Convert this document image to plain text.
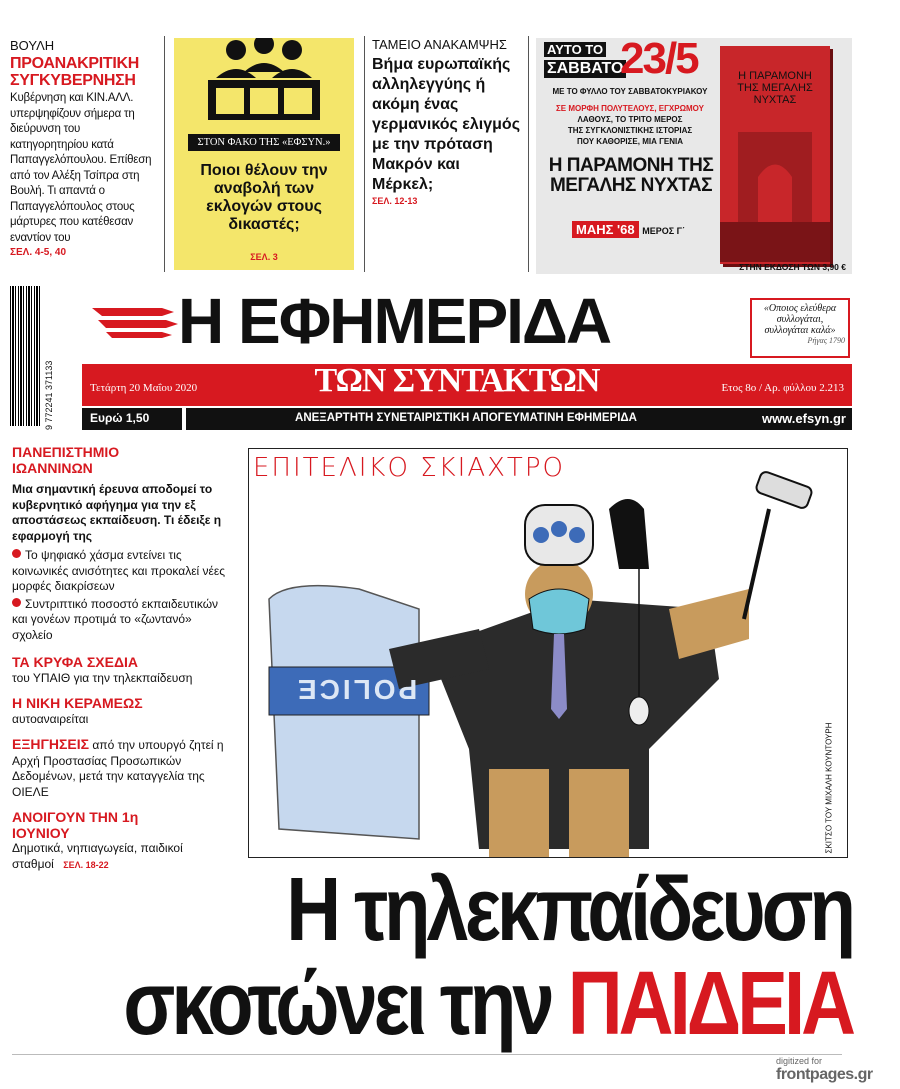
ΒΟΥΛΗ
ΠΡΟΑΝΑΚΡΙΤΙΚΗ ΣΥΓΚΥΒΕΡΝΗΣΗ
Κυβέρνηση και ΚΙΝ.ΑΛΛ. υπερψηφίζουν σήμερα τη διεύρυνση του κατηγορητηρίου κατά Παπαγγελόπουλου. Επίθεση από τον Αλέξη Τσίπρα στη Βουλή. Τι απαντά ο Παπαγγελόπουλος στους μάρτυρες που κατέθεσαν εναντίον του
ΣΕΛ. 4-5, 40
ΣΤΟΝ ΦΑΚΟ ΤΗΣ «ΕΦΣΥΝ.»
Ποιοι θέλουν την αναβολή των εκλογών στους δικαστές;
ΣΕΛ. 3
ΤΑΜΕΙΟ ΑΝΑΚΑΜΨΗΣ
Βήμα ευρωπαϊκής αλληλεγγύης ή ακόμη ένας γερμανικός ελιγμός με την πρόταση Μακρόν και Μέρκελ;
ΣΕΛ. 12-13
ΑΥΤΟ ΤΟ
ΣΑΒΒΑΤΟ
23/5
ΜΕ ΤΟ ΦΥΛΛΟ ΤΟΥ ΣΑΒΒΑΤΟΚΥΡΙΑΚΟΥ
ΣΕ ΜΟΡΦΗ ΠΟΛΥΤΕΛΟΥΣ, ΕΓΧΡΩΜΟΥ
ΛΑΘΟΥΣ, ΤΟ ΤΡΙΤΟ ΜΕΡΟΣ
ΤΗΣ ΣΥΓΚΛΟΝΙΣΤΙΚΗΣ ΙΣΤΟΡΙΑΣ
ΠΟΥ ΚΑΘΟΡΙΣΕ, ΜΙΑ ΓΕΝΙΑ
Η ΠΑΡΑΜΟΝΗ ΤΗΣ ΜΕΓΑΛΗΣ ΝΥΧΤΑΣ
ΜΑΗΣ '68 ΜΕΡΟΣ Γ΄
Η ΠΑΡΑΜΟΝΗ ΤΗΣ ΜΕΓΑΛΗΣ ΝΥΧΤΑΣ
ΣΤΗΝ ΕΚΔΟΣΗ ΤΩΝ 3,90 €
9 772241 371133
Η ΕΦΗΜΕΡΙΔΑ	«Οποιος ελεύθερα συλλογάται, συλλογάται καλά»
Ρήγας 1790
Τετάρτη 20 Μαΐου 2020	ΤΩΝ ΣΥΝΤΑΚΤΩΝ	Ετος 8ο / Αρ. φύλλου 2.213
Ευρώ 1,50	ΑΝΕΞΑΡΤΗΤΗ ΣΥΝΕΤΑΙΡΙΣΤΙΚΗ ΑΠΟΓΕΥΜΑΤΙΝΗ ΕΦΗΜΕΡΙΔΑ	www.efsyn.gr
ΠΑΝΕΠΙΣΤΗΜΙΟ ΙΩΑΝΝΙΝΩΝ
Μια σημαντική έρευνα αποδομεί το κυβερνητικό αφήγημα για την εξ αποστάσεως εκπαίδευση. Τι έδειξε η εφαρμογή της
Το ψηφιακό χάσμα εντείνει τις κοινωνικές ανισότητες και προκαλεί νέες μορφές διακρίσεων
Συντριπτικό ποσοστό εκπαιδευτικών και γονέων προτιμά το «ζωντανό» σχολείο
ΤΑ ΚΡΥΦΑ ΣΧΕΔΙΑ
του ΥΠΑΙΘ για την τηλεκπαίδευση
Η ΝΙΚΗ ΚΕΡΑΜΕΩΣ
αυτοαναιρείται
ΕΞΗΓΗΣΕΙΣ από την υπουργό ζητεί η Αρχή Προστασίας Προσωπικών Δεδομένων, μετά την καταγγελία της ΟΙΕΛΕ
ΑΝΟΙΓΟΥΝ ΤΗΝ 1η ΙΟΥΝΙΟΥ
Δημοτικά, νηπιαγωγεία, παιδικοί σταθμοί ΣΕΛ. 18-22
ΕΠΙΤΕΛΙΚΟ ΣΚΙΑΧΤΡΟ
POLICE
ΣΚΙΤΣΟ ΤΟΥ ΜΙΧΑΛΗ ΚΟΥΝΤΟΥΡΗ
Η τηλεκπαίδευση
σκοτώνει την ΠΑΙΔΕΙΑ
digitized for
frontpages.gr
